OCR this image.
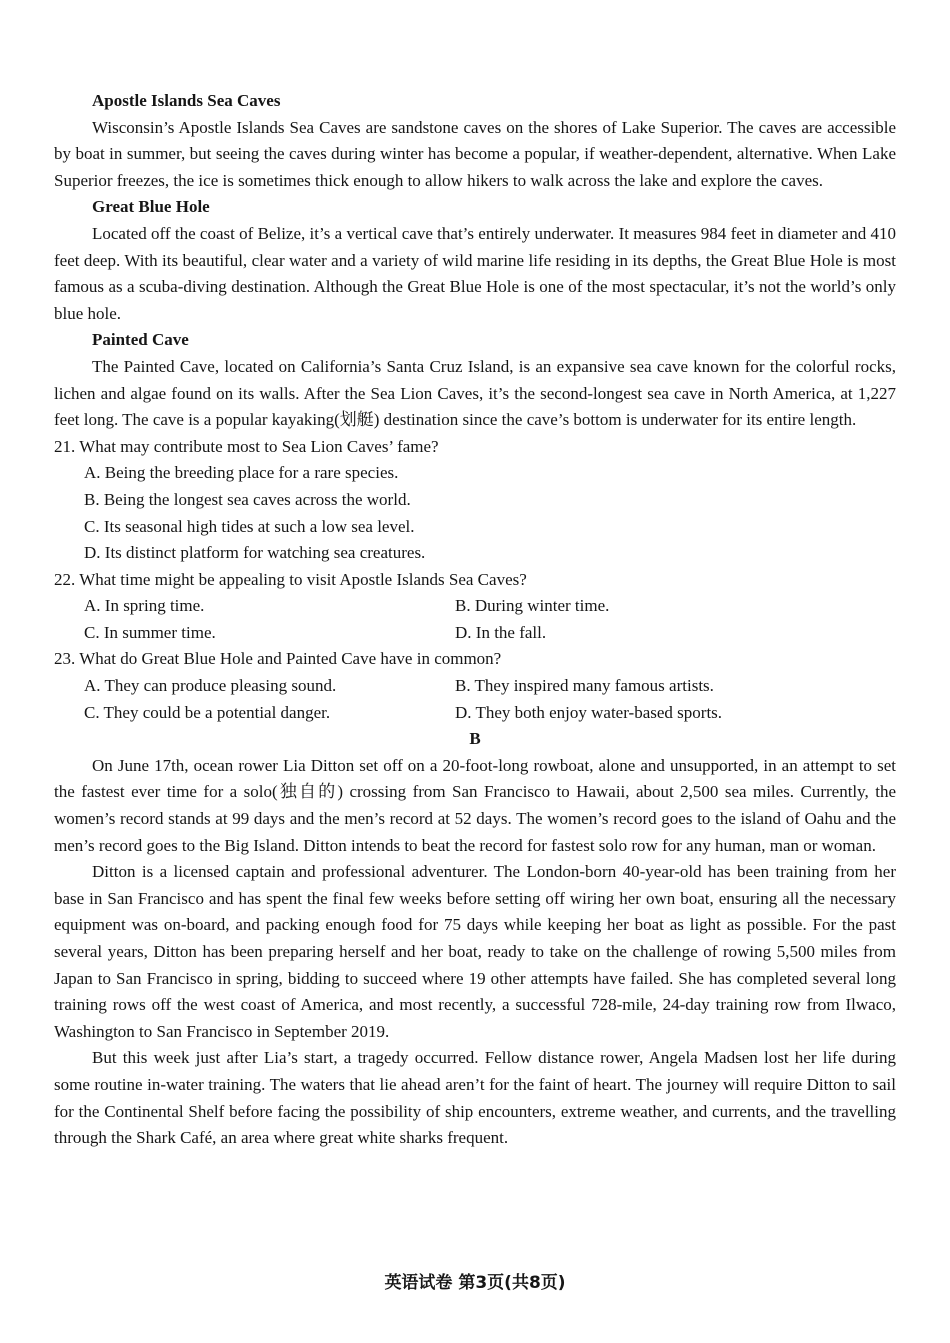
Apostle Islands Sea Caves

Wisconsin’s Apostle Islands Sea Caves are sandstone caves on the shores of Lake Superior. The caves are accessible by boat in summer, but seeing the caves during winter has become a popular, if weather-dependent, alternative. When Lake Superior freezes, the ice is sometimes thick enough to allow hikers to walk across the lake and explore the caves.

Great Blue Hole

Located off the coast of Belize, it’s a vertical cave that’s entirely underwater. It measures 984 feet in diameter and 410 feet deep. With its beautiful, clear water and a variety of wild marine life residing in its depths, the Great Blue Hole is most famous as a scuba-diving destination. Although the Great Blue Hole is one of the most spectacular, it’s not the world’s only blue hole.

Painted Cave

The Painted Cave, located on California’s Santa Cruz Island, is an expansive sea cave known for the colorful rocks, lichen and algae found on its walls. After the Sea Lion Caves, it’s the second-longest sea cave in North America, at 1,227 feet long. The cave is a popular kayaking(划艇) destination since the cave’s bottom is underwater for its entire length.

21. What may contribute most to Sea Lion Caves’ fame?
A. Being the breeding place for a rare species.
B. Being the longest sea caves across the world.
C. Its seasonal high tides at such a low sea level.
D. Its distinct platform for watching sea creatures.
22. What time might be appealing to visit Apostle Islands Sea Caves?
A. In spring time.	B. During winter time.
C. In summer time.	D. In the fall.
23. What do Great Blue Hole and Painted Cave have in common?
A. They can produce pleasing sound.	B. They inspired many famous artists.
C. They could be a potential danger.	D. They both enjoy water-based sports.
B

On June 17th, ocean rower Lia Ditton set off on a 20-foot-long rowboat, alone and unsupported, in an attempt to set the fastest ever time for a solo(独自的) crossing from San Francisco to Hawaii, about 2,500 sea miles. Currently, the women’s record stands at 99 days and the men’s record at 52 days. The women’s record goes to the island of Oahu and the men’s record goes to the Big Island. Ditton intends to beat the record for fastest solo row for any human, man or woman.

Ditton is a licensed captain and professional adventurer. The London-born 40-year-old has been training from her base in San Francisco and has spent the final few weeks before setting off wiring her own boat, ensuring all the necessary equipment was on-board, and packing enough food for 75 days while keeping her boat as light as possible. For the past several years, Ditton has been preparing herself and her boat, ready to take on the challenge of rowing 5,500 miles from Japan to San Francisco in spring, bidding to succeed where 19 other attempts have failed. She has completed several long training rows off the west coast of America, and most recently, a successful 728-mile, 24-day training row from Ilwaco, Washington to San Francisco in September 2019.

But this week just after Lia’s start, a tragedy occurred. Fellow distance rower, Angela Madsen lost her life during some routine in-water training. The waters that lie ahead aren’t for the faint of heart. The journey will require Ditton to sail for the Continental Shelf before facing the possibility of ship encounters, extreme weather, and currents, and the travelling through the Shark Café, an area where great white sharks frequent.

英语试卷 第3页(共8页)
